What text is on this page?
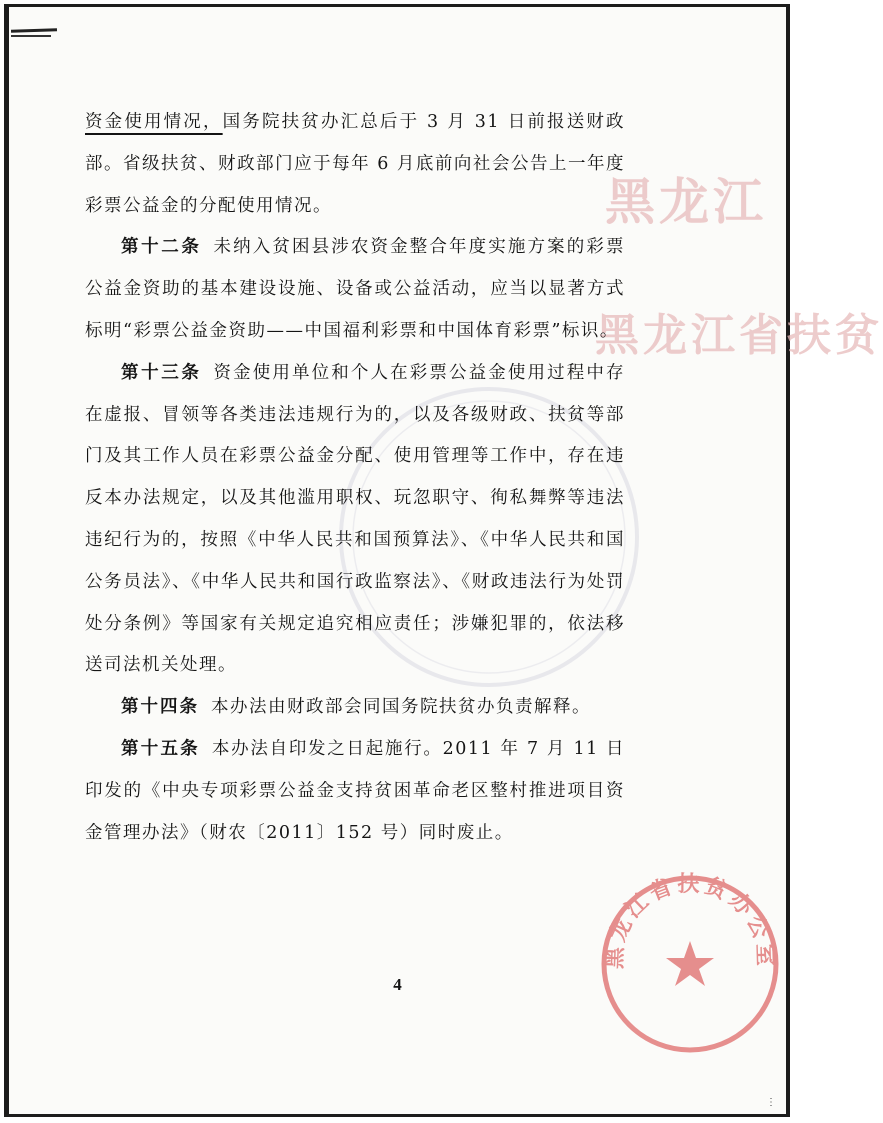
黑龙江
黑龙江省扶贫

资金使用情况，国务院扶贫办汇总后于 3 月 31 日前报送财政部。省级扶贫、财政部门应于每年 6 月底前向社会公告上一年度彩票公益金的分配使用情况。

第十二条 未纳入贫困县涉农资金整合年度实施方案的彩票公益金资助的基本建设设施、设备或公益活动，应当以显著方式标明“彩票公益金资助——中国福利彩票和中国体育彩票”标识。

第十三条 资金使用单位和个人在彩票公益金使用过程中存在虚报、冒领等各类违法违规行为的，以及各级财政、扶贫等部门及其工作人员在彩票公益金分配、使用管理等工作中，存在违反本办法规定，以及其他滥用职权、玩忽职守、徇私舞弊等违法违纪行为的，按照《中华人民共和国预算法》、《中华人民共和国公务员法》、《中华人民共和国行政监察法》、《财政违法行为处罚处分条例》等国家有关规定追究相应责任；涉嫌犯罪的，依法移送司法机关处理。

第十四条 本办法由财政部会同国务院扶贫办负责解释。

第十五条 本办法自印发之日起施行。2011 年 7 月 11 日印发的《中央专项彩票公益金支持贫困革命老区整村推进项目资金管理办法》（财农〔2011〕152 号）同时废止。

黑龙江省扶贫办公室
4
⋮
